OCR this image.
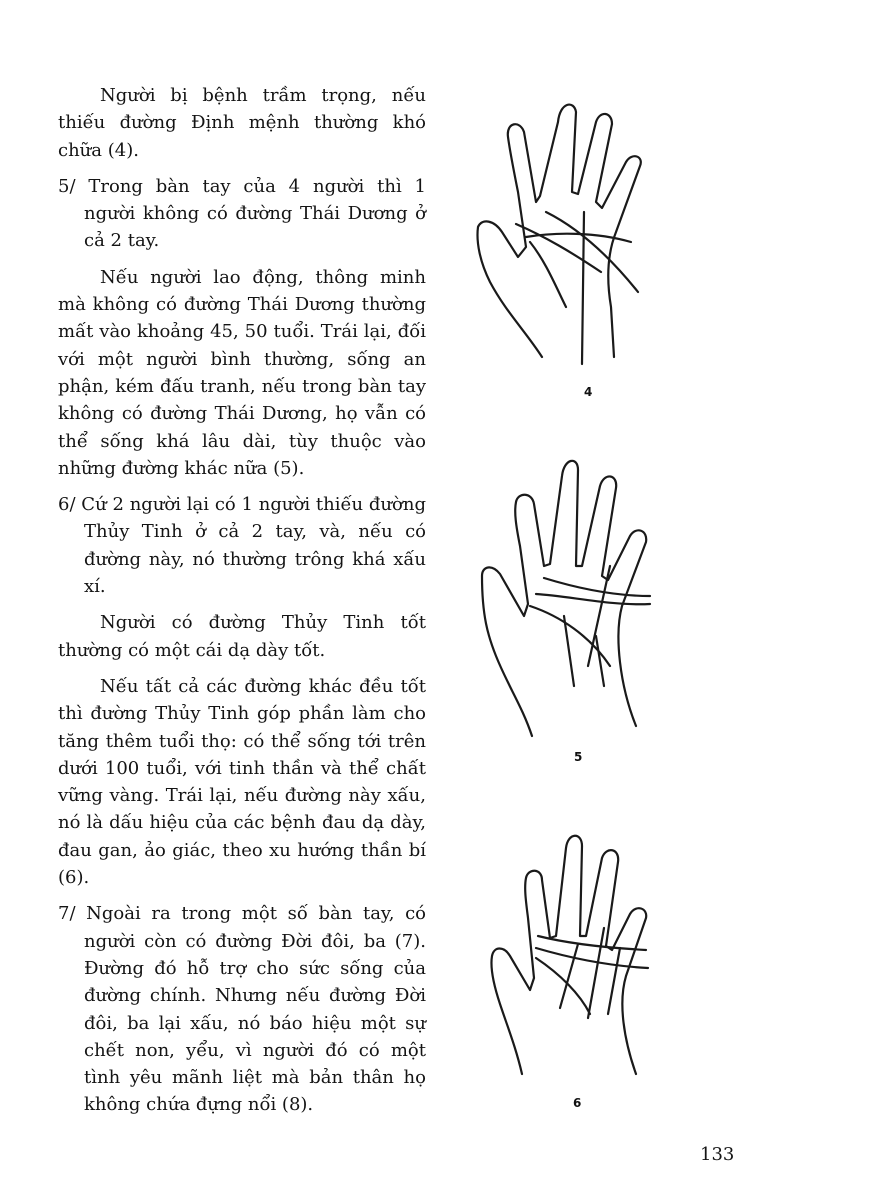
Người bị bệnh trầm trọng, nếu thiếu đường Định mệnh thường khó chữa (4).

5/ Trong bàn tay của 4 người thì 1 người không có đường Thái Dương ở cả 2 tay.

Nếu người lao động, thông minh mà không có đường Thái Dương thường mất vào khoảng 45, 50 tuổi. Trái lại, đối với một người bình thường, sống an phận, kém đấu tranh, nếu trong bàn tay không có đường Thái Dương, họ vẫn có thể sống khá lâu dài, tùy thuộc vào những đường khác nữa (5).

6/ Cứ 2 người lại có 1 người thiếu đường Thủy Tinh ở cả 2 tay, và, nếu có đường này, nó thường trông khá xấu xí.

Người có đường Thủy Tinh tốt thường có một cái dạ dày tốt.

Nếu tất cả các đường khác đều tốt thì đường Thủy Tinh góp phần làm cho tăng thêm tuổi thọ: có thể sống tới trên dưới 100 tuổi, với tinh thần và thể chất vững vàng. Trái lại, nếu đường này xấu, nó là dấu hiệu của các bệnh đau dạ dày, đau gan, ảo giác, theo xu hướng thần bí (6).

7/ Ngoài ra trong một số bàn tay, có người còn có đường Đời đôi, ba (7). Đường đó hỗ trợ cho sức sống của đường chính. Nhưng nếu đường Đời đôi, ba lại xấu, nó báo hiệu một sự chết non, yểu, vì người đó có một tình yêu mãnh liệt mà bản thân họ không chứa đựng nổi (8).

4
5
6
133
